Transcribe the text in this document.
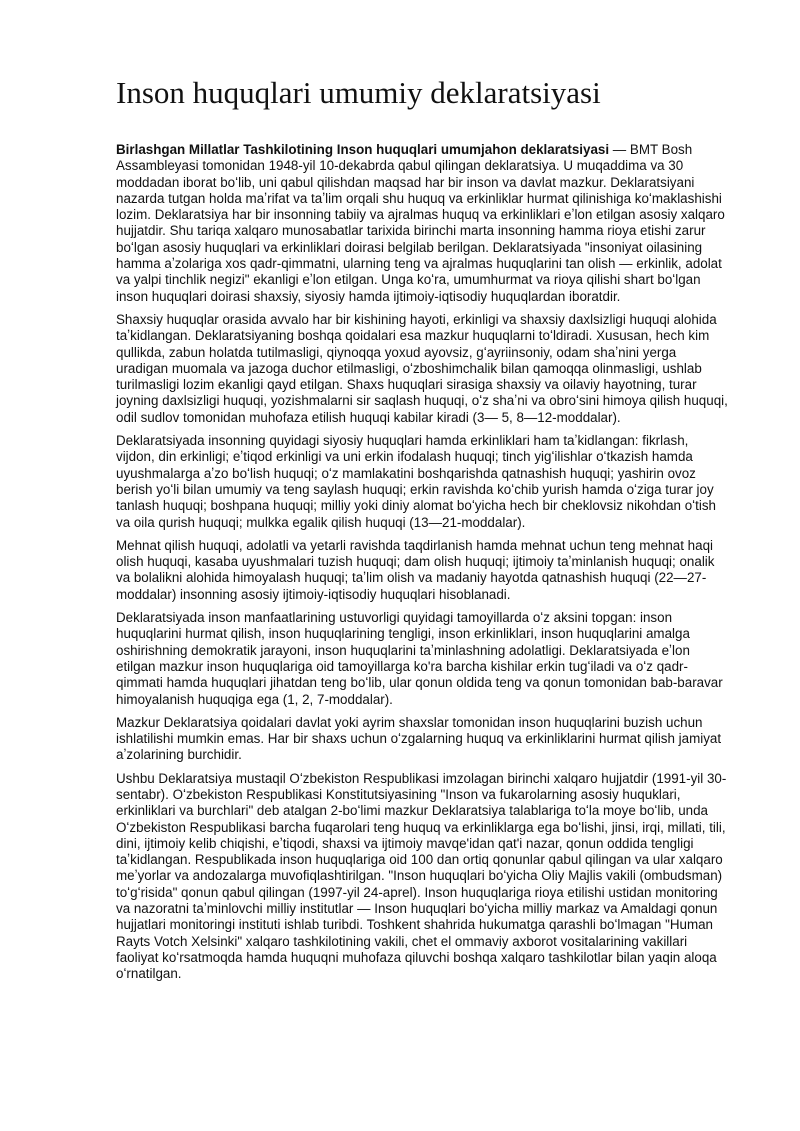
Inson huquqlari umumiy deklaratsiyasi

Birlashgan Millatlar Tashkilotining Inson huquqlari umumjahon deklaratsiyasi — BMT Bosh Assambleyasi tomonidan 1948-yil 10-dekabrda qabul qilingan deklaratsiya. U muqaddima va 30 moddadan iborat boʻlib, uni qabul qilishdan maqsad har bir inson va davlat mazkur. Deklaratsiyani nazarda tutgan holda maʼrifat va taʼlim orqali shu huquq va erkinliklar hurmat qilinishiga koʻmaklashishi lozim. Deklaratsiya har bir insonning tabiiy va ajralmas huquq va erkinliklari eʼlon etilgan asosiy xalqaro hujjatdir. Shu tariqa xalqaro munosabatlar tarixida birinchi marta insonning hamma rioya etishi zarur boʻlgan asosiy huquqlari va erkinliklari doirasi belgilab berilgan. Deklaratsiyada "insoniyat oilasining hamma aʼzolariga xos qadr-qimmatni, ularning teng va ajralmas huquqlarini tan olish — erkinlik, adolat va yalpi tinchlik negizi" ekanligi eʼlon etilgan. Unga koʻra, umumhurmat va rioya qilishi shart boʻlgan inson huquqlari doirasi shaxsiy, siyosiy hamda ijtimoiy-iqtisodiy huquqlardan iboratdir.

Shaxsiy huquqlar orasida avvalo har bir kishining hayoti, erkinligi va shaxsiy daxlsizligi huquqi alohida taʼkidlangan. Deklaratsiyaning boshqa qoidalari esa mazkur huquqlarni toʻldiradi. Xususan, hech kim qullikda, zabun holatda tutilmasligi, qiynoqqa yoxud ayovsiz, gʻayriinsoniy, odam shaʼnini yerga uradigan muomala va jazoga duchor etilmasligi, oʻzboshimchalik bilan qamoqqa olinmasligi, ushlab turilmasligi lozim ekanligi qayd etilgan. Shaxs huquqlari sirasiga shaxsiy va oilaviy hayotning, turar joyning daxlsizligi huquqi, yozishmalarni sir saqlash huquqi, oʻz shaʼni va obroʻsini himoya qilish huquqi, odil sudlov tomonidan muhofaza etilish huquqi kabilar kiradi (3— 5, 8—12-moddalar).

Deklaratsiyada insonning quyidagi siyosiy huquqlari hamda erkinliklari ham taʼkidlangan: fikrlash, vijdon, din erkinligi; eʼtiqod erkinligi va uni erkin ifodalash huquqi; tinch yigʻilishlar oʻtkazish hamda uyushmalarga aʼzo boʻlish huquqi; oʻz mamlakatini boshqarishda qatnashish huquqi; yashirin ovoz berish yoʻli bilan umumiy va teng saylash huquqi; erkin ravishda koʻchib yurish hamda oʻziga turar joy tanlash huquqi; boshpana huquqi; milliy yoki diniy alomat boʻyicha hech bir cheklovsiz nikohdan oʻtish va oila qurish huquqi; mulkka egalik qilish huquqi (13—21-moddalar).

Mehnat qilish huquqi, adolatli va yetarli ravishda taqdirlanish hamda mehnat uchun teng mehnat haqi olish huquqi, kasaba uyushmalari tuzish huquqi; dam olish huquqi; ijtimoiy taʼminlanish huquqi; onalik va bolalikni alohida himoyalash huquqi; taʼlim olish va madaniy hayotda qatnashish huquqi (22—27-moddalar) insonning asosiy ijtimoiy-iqtisodiy huquqlari hisoblanadi.

Deklaratsiyada inson manfaatlarining ustuvorligi quyidagi tamoyillarda oʻz aksini topgan: inson huquqlarini hurmat qilish, inson huquqlarining tengligi, inson erkinliklari, inson huquqlarini amalga oshirishning demokratik jarayoni, inson huquqlarini taʼminlashning adolatligi. Deklaratsiyada eʼlon etilgan mazkur inson huquqlariga oid tamoyillarga ko'ra barcha kishilar erkin tugʻiladi va oʻz qadr-qimmati hamda huquqlari jihatdan teng boʻlib, ular qonun oldida teng va qonun tomonidan bab-baravar himoyalanish huquqiga ega (1, 2, 7-moddalar).

Mazkur Deklaratsiya qoidalari davlat yoki ayrim shaxslar tomonidan inson huquqlarini buzish uchun ishlatilishi mumkin emas. Har bir shaxs uchun oʻzgalarning huquq va erkinliklarini hurmat qilish jamiyat aʼzolarining burchidir.

Ushbu Deklaratsiya mustaqil Oʻzbekiston Respublikasi imzolagan birinchi xalqaro hujjatdir (1991-yil 30-sentabr). Oʻzbekiston Respublikasi Konstitutsiyasining "Inson va fukarolarning asosiy huquklari, erkinliklari va burchlari" deb atalgan 2-boʻlimi mazkur Deklaratsiya talablariga toʻla moye boʻlib, unda Oʻzbekiston Respublikasi barcha fuqarolari teng huquq va erkinliklarga ega boʻlishi, jinsi, irqi, millati, tili, dini, ijtimoiy kelib chiqishi, eʼtiqodi, shaxsi va ijtimoiy mavqe'idan qat'i nazar, qonun oddida tengligi taʼkidlangan. Respublikada inson huquqlariga oid 100 dan ortiq qonunlar qabul qilingan va ular xalqaro meʼyorlar va andozalarga muvofiqlashtirilgan. "Inson huquqlari boʻyicha Oliy Majlis vakili (ombudsman) toʻgʻrisida" qonun qabul qilingan (1997-yil 24-aprel). Inson huquqlariga rioya etilishi ustidan monitoring va nazoratni taʼminlovchi milliy institutlar — Inson huquqlari boʻyicha milliy markaz va Amaldagi qonun hujjatlari monitoringi instituti ishlab turibdi. Toshkent shahrida hukumatga qarashli boʻlmagan "Human Rayts Votch Xelsinki" xalqaro tashkilotining vakili, chet el ommaviy axborot vositalarining vakillari faoliyat koʻrsatmoqda hamda huquqni muhofaza qiluvchi boshqa xalqaro tashkilotlar bilan yaqin aloqa oʻrnatilgan.
